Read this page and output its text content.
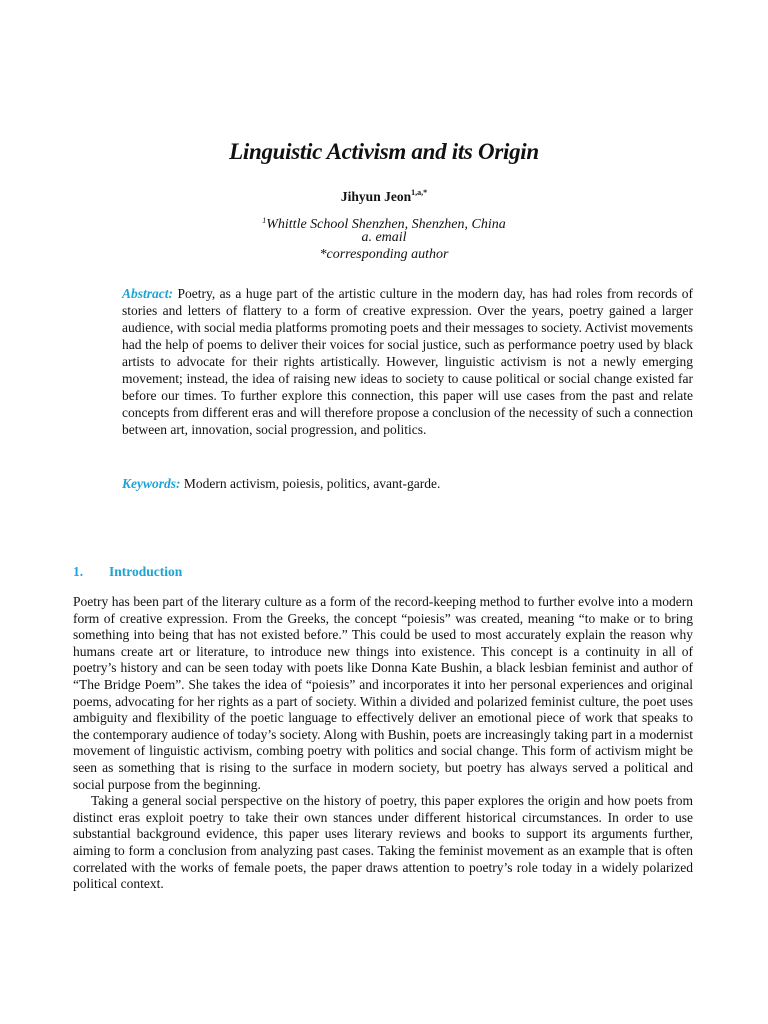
Linguistic Activism and its Origin
Jihyun Jeon$^{1,a,*}$
$^1$Whittle School Shenzhen, Shenzhen, China
a. email
*corresponding author
Abstract: Poetry, as a huge part of the artistic culture in the modern day, has had roles from records of stories and letters of flattery to a form of creative expression. Over the years, poetry gained a larger audience, with social media platforms promoting poets and their messages to society. Activist movements had the help of poems to deliver their voices for social justice, such as performance poetry used by black artists to advocate for their rights artistically. However, linguistic activism is not a newly emerging movement; instead, the idea of raising new ideas to society to cause political or social change existed far before our times. To further explore this connection, this paper will use cases from the past and relate concepts from different eras and will therefore propose a conclusion of the necessity of such a connection between art, innovation, social progression, and politics.
Keywords: Modern activism, poiesis, politics, avant-garde.
1. Introduction

Poetry has been part of the literary culture as a form of the record-keeping method to further evolve into a modern form of creative expression. From the Greeks, the concept “poiesis” was created, meaning “to make or to bring something into being that has not existed before.” This could be used to most accurately explain the reason why humans create art or literature, to introduce new things into existence. This concept is a continuity in all of poetry’s history and can be seen today with poets like Donna Kate Bushin, a black lesbian feminist and author of “The Bridge Poem”. She takes the idea of “poiesis” and incorporates it into her personal experiences and original poems, advocating for her rights as a part of society. Within a divided and polarized feminist culture, the poet uses ambiguity and flexibility of the poetic language to effectively deliver an emotional piece of work that speaks to the contemporary audience of today’s society. Along with Bushin, poets are increasingly taking part in a modernist movement of linguistic activism, combing poetry with politics and social change. This form of activism might be seen as something that is rising to the surface in modern society, but poetry has always served a political and social purpose from the beginning.

Taking a general social perspective on the history of poetry, this paper explores the origin and how poets from distinct eras exploit poetry to take their own stances under different historical circumstances. In order to use substantial background evidence, this paper uses literary reviews and books to support its arguments further, aiming to form a conclusion from analyzing past cases. Taking the feminist movement as an example that is often correlated with the works of female poets, the paper draws attention to poetry’s role today in a widely polarized political context.
